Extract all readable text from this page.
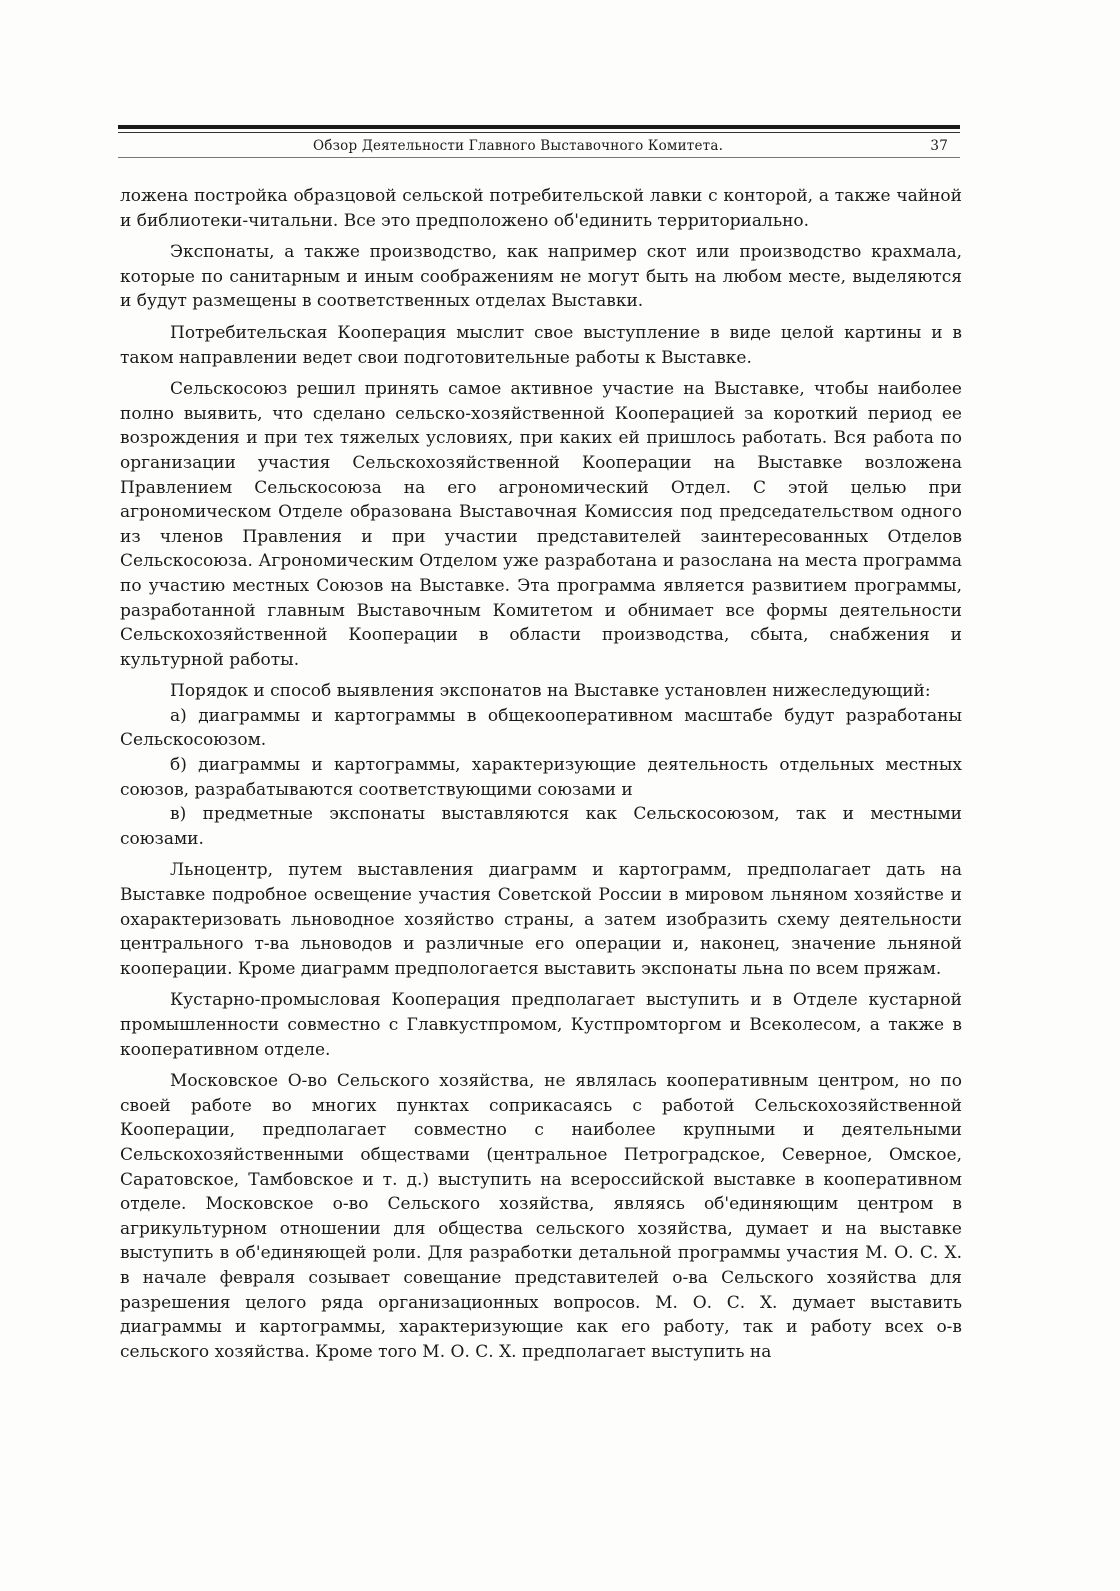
Обзор Деятельности Главного Выставочного Комитета.	37

ложена постройка образцовой сельской потребительской лавки с конторой, а также чайной и библиотеки-читальни. Все это предположено об'единить территориально.

Экспонаты, а также производство, как например скот или производство крахмала, которые по санитарным и иным соображениям не могут быть на любом месте, выделяются и будут размещены в соответственных отделах Выставки.

Потребительская Кооперация мыслит свое выступление в виде целой картины и в таком направлении ведет свои подготовительные работы к Выставке.

Сельскосоюз решил принять самое активное участие на Выставке, чтобы наиболее полно выявить, что сделано сельско-хозяйственной Кооперацией за короткий период ее возрождения и при тех тяжелых условиях, при каких ей пришлось работать. Вся работа по организации участия Сельскохозяйственной Кооперации на Выставке возложена Правлением Сельскосоюза на его агрономический Отдел. С этой целью при агрономическом Отделе образована Выставочная Комиссия под председательством одного из членов Правления и при участии представителей заинтересованных Отделов Сельскосоюза. Агрономическим Отделом уже разработана и разослана на места программа по участию местных Союзов на Выставке. Эта программа является развитием программы, разработанной главным Выставочным Комитетом и обнимает все формы деятельности Сельскохозяйственной Кооперации в области производства, сбыта, снабжения и культурной работы.

Порядок и способ выявления экспонатов на Выставке установлен нижеследующий:

а) диаграммы и картограммы в общекооперативном масштабе будут разработаны Сельскосоюзом.

б) диаграммы и картограммы, характеризующие деятельность отдельных местных союзов, разрабатываются соответствующими союзами и

в) предметные экспонаты выставляются как Сельскосоюзом, так и местными союзами.

Льноцентр, путем выставления диаграмм и картограмм, предполагает дать на Выставке подробное освещение участия Советской России в мировом льняном хозяйстве и охарактеризовать льноводное хозяйство страны, а затем изобразить схему деятельности центрального т-ва льноводов и различные его операции и, наконец, значение льняной кооперации. Кроме диаграмм предпологается выставить экспонаты льна по всем пряжам.

Кустарно-промысловая Кооперация предполагает выступить и в Отделе кустарной промышленности совместно с Главкустпромом, Кустпромторгом и Всеколесом, а также в кооперативном отделе.

Московское О-во Сельского хозяйства, не являлась кооперативным центром, но по своей работе во многих пунктах соприкасаясь с работой Сельскохозяйственной Кооперации, предполагает совместно с наиболее крупными и деятельными Сельскохозяйственными обществами (центральное Петроградское, Северное, Омское, Саратовское, Тамбовское и т. д.) выступить на всероссийской выставке в кооперативном отделе. Московское о-во Сельского хозяйства, являясь об'единяющим центром в агрикультурном отношении для общества сельского хозяйства, думает и на выставке выступить в об'единяющей роли. Для разработки детальной программы участия М. О. С. Х. в начале февраля созывает совещание представителей о-ва Сельского хозяйства для разрешения целого ряда организационных вопросов. М. О. С. Х. думает выставить диаграммы и картограммы, характеризующие как его работу, так и работу всех о-в сельского хозяйства. Кроме того М. О. С. Х. предполагает выступить на
